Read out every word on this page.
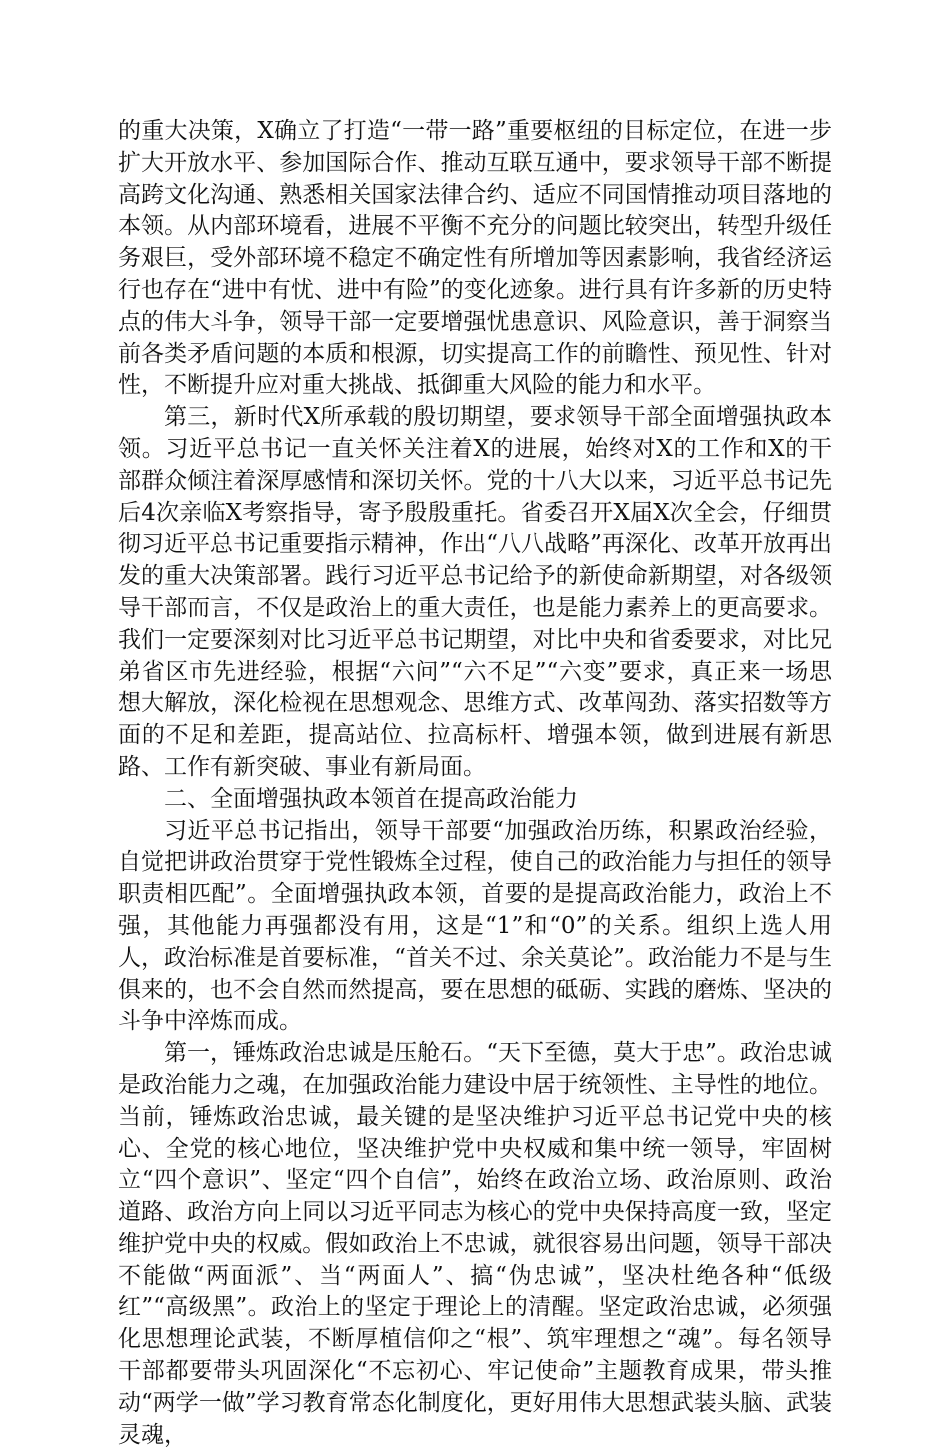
的重大决策，X确立了打造“一带一路”重要枢纽的目标定位，在进一步扩大开放水平、参加国际合作、推动互联互通中，要求领导干部不断提高跨文化沟通、熟悉相关国家法律合约、适应不同国情推动项目落地的本领。从内部环境看，进展不平衡不充分的问题比较突出，转型升级任务艰巨，受外部环境不稳定不确定性有所增加等因素影响，我省经济运行也存在“进中有忧、进中有险”的变化迹象。进行具有许多新的历史特点的伟大斗争，领导干部一定要增强忧患意识、风险意识，善于洞察当前各类矛盾问题的本质和根源，切实提高工作的前瞻性、预见性、针对性，不断提升应对重大挑战、抵御重大风险的能力和水平。

第三，新时代X所承载的殷切期望，要求领导干部全面增强执政本领。习近平总书记一直关怀关注着X的进展，始终对X的工作和X的干部群众倾注着深厚感情和深切关怀。党的十八大以来，习近平总书记先后4次亲临X考察指导，寄予殷殷重托。省委召开X届X次全会，仔细贯彻习近平总书记重要指示精神，作出“八八战略”再深化、改革开放再出发的重大决策部署。践行习近平总书记给予的新使命新期望，对各级领导干部而言，不仅是政治上的重大责任，也是能力素养上的更高要求。我们一定要深刻对比习近平总书记期望，对比中央和省委要求，对比兄弟省区市先进经验，根据“六问”“六不足”“六变”要求，真正来一场思想大解放，深化检视在思想观念、思维方式、改革闯劲、落实招数等方面的不足和差距，提高站位、拉高标杆、增强本领，做到进展有新思路、工作有新突破、事业有新局面。

二、全面增强执政本领首在提高政治能力

习近平总书记指出，领导干部要“加强政治历练，积累政治经验，自觉把讲政治贯穿于党性锻炼全过程，使自己的政治能力与担任的领导职责相匹配”。全面增强执政本领，首要的是提高政治能力，政治上不强，其他能力再强都没有用，这是“1”和“0”的关系。组织上选人用人，政治标准是首要标准，“首关不过、余关莫论”。政治能力不是与生俱来的，也不会自然而然提高，要在思想的砥砺、实践的磨炼、坚决的斗争中淬炼而成。

第一，锤炼政治忠诚是压舱石。“天下至德，莫大于忠”。政治忠诚是政治能力之魂，在加强政治能力建设中居于统领性、主导性的地位。当前，锤炼政治忠诚，最关键的是坚决维护习近平总书记党中央的核心、全党的核心地位，坚决维护党中央权威和集中统一领导，牢固树立“四个意识”、坚定“四个自信”，始终在政治立场、政治原则、政治道路、政治方向上同以习近平同志为核心的党中央保持高度一致，坚定维护党中央的权威。假如政治上不忠诚，就很容易出问题，领导干部决不能做“两面派”、当“两面人”、搞“伪忠诚”，坚决杜绝各种“低级红”“高级黑”。政治上的坚定于理论上的清醒。坚定政治忠诚，必须强化思想理论武装，不断厚植信仰之“根”、筑牢理想之“魂”。每名领导干部都要带头巩固深化“不忘初心、牢记使命”主题教育成果，带头推动“两学一做”学习教育常态化制度化，更好用伟大思想武装头脑、武装灵魂，
